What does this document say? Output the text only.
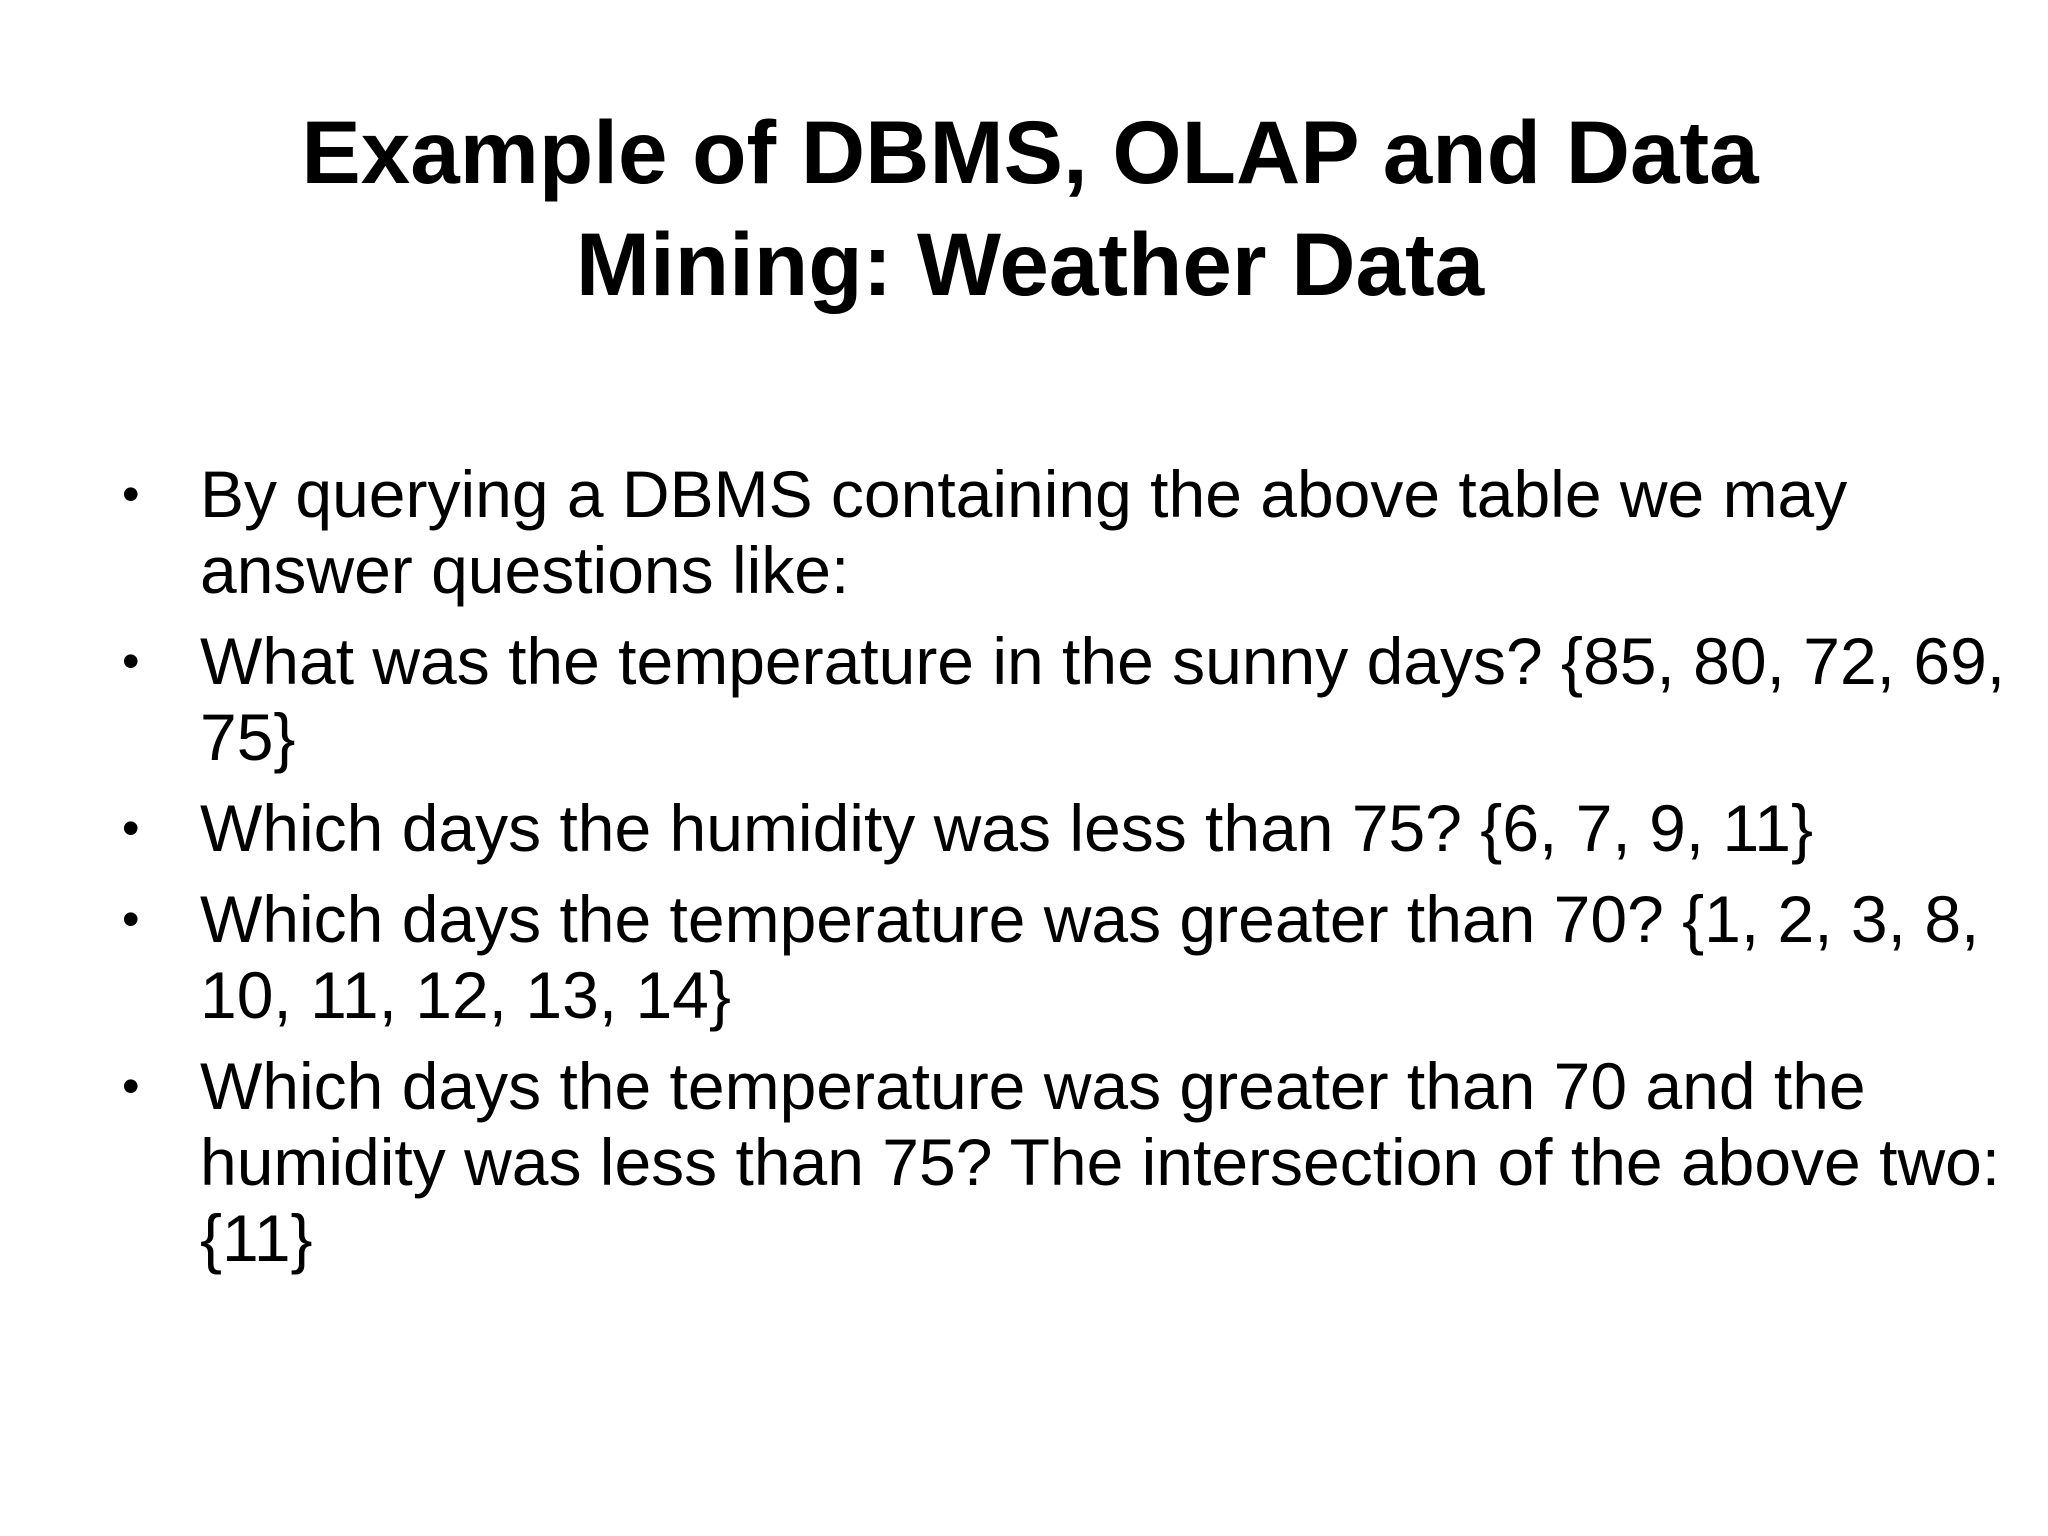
Example of DBMS, OLAP and Data
Mining: Weather Data
• By querying a DBMS containing the above table we may answer questions like:
• What was the temperature in the sunny days? {85, 80, 72, 69, 75}
• Which days the humidity was less than 75? {6, 7, 9, 11}
• Which days the temperature was greater than 70? {1, 2, 3, 8, 10, 11, 12, 13, 14}
• Which days the temperature was greater than 70 and the humidity was less than 75? The intersection of the above two: {11}
